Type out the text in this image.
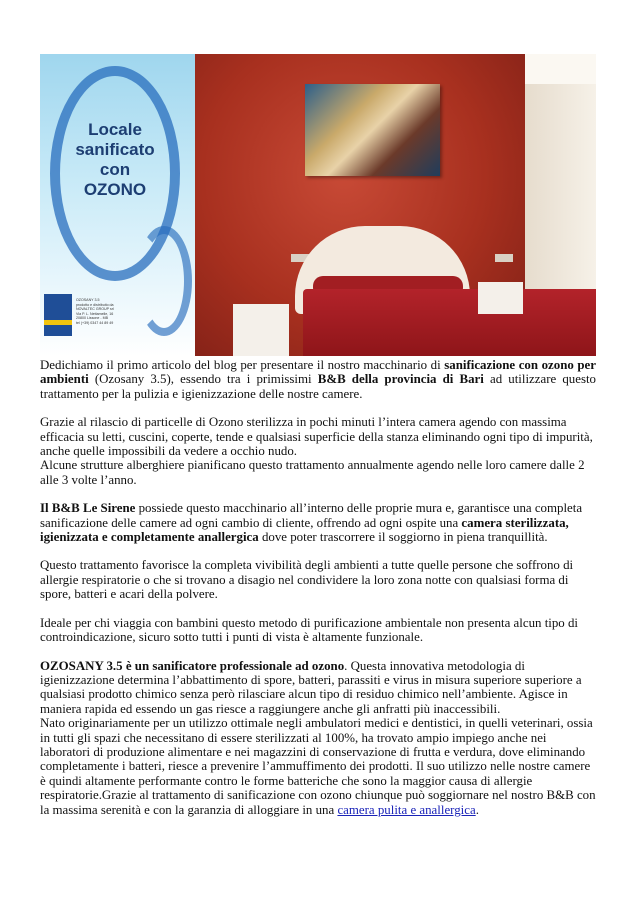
Locale
sanificato
con
OZONO
OZOSANY 3.5
prodotto e distribuito da
NOVALTEC GROUP srl
Via P. L. Nettamelle, 16
20800 Lissone - MB
tel (+39) 0347 44 89 49

Dedichiamo il primo articolo del blog per presentare il nostro macchinario di sanificazione con ozono per ambienti (Ozosany 3.5), essendo tra i primissimi B&B della provincia di Bari ad utilizzare questo trattamento per la pulizia e igienizzazione delle nostre camere.

Grazie al rilascio di particelle di Ozono sterilizza in pochi minuti l’intera camera agendo con massima efficacia su letti, cuscini, coperte, tende e qualsiasi superficie della stanza eliminando ogni tipo di impurità, anche quelle impossibili da vedere a occhio nudo.

Alcune strutture alberghiere pianificano questo trattamento annualmente agendo nelle loro camere dalle 2 alle 3 volte l’anno.

Il B&B Le Sirene possiede questo macchinario all’interno delle proprie mura e, garantisce una completa sanificazione delle camere ad ogni cambio di cliente, offrendo ad ogni ospite una camera sterilizzata, igienizzata e completamente anallergica dove poter trascorrere il soggiorno in piena tranquillità.

Questo trattamento favorisce la completa vivibilità degli ambienti a tutte quelle persone che soffrono di allergie respiratorie o che si trovano a disagio nel condividere la loro zona notte con qualsiasi forma di spore, batteri e acari della polvere.

Ideale per chi viaggia con bambini questo metodo di purificazione ambientale non presenta alcun tipo di controindicazione, sicuro sotto tutti i punti di vista è altamente funzionale.

OZOSANY 3.5 è un sanificatore professionale ad ozono. Questa innovativa metodologia di igienizzazione determina l’abbattimento di spore, batteri, parassiti e virus in misura superiore superiore a qualsiasi prodotto chimico senza però rilasciare alcun tipo di residuo chimico nell’ambiente. Agisce in maniera rapida ed essendo un gas riesce a raggiungere anche gli anfratti più inaccessibili.

Nato originariamente per un utilizzo ottimale negli ambulatori medici e dentistici, in quelli veterinari, ossia in tutti gli spazi che necessitano di essere sterilizzati al 100%, ha trovato ampio impiego anche nei laboratori di produzione alimentare e nei magazzini di conservazione di frutta e verdura, dove eliminando completamente i batteri, riesce a prevenire l’ammuffimento dei prodotti. Il suo utilizzo nelle nostre camere è quindi altamente performante contro le forme batteriche che sono la maggior causa di allergie respiratorie.Grazie al trattamento di sanificazione con ozono chiunque può soggiornare nel nostro B&B con la massima serenità e con la garanzia di alloggiare in una camera pulita e anallergica.
